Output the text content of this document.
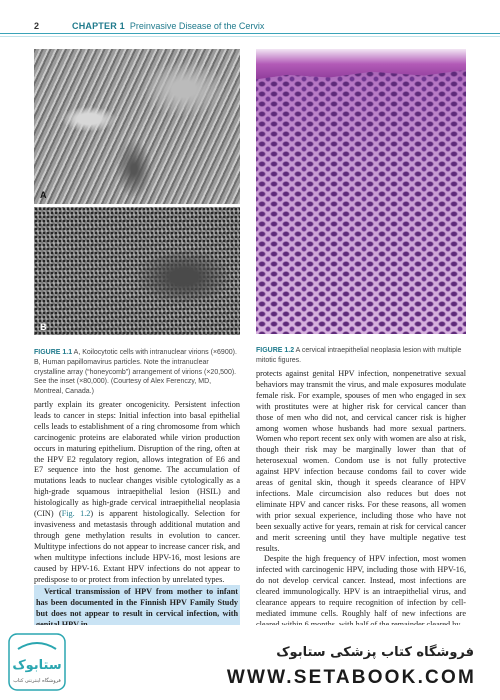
2	CHAPTER 1 Preinvasive Disease of the Cervix
A
B

FIGURE 1.1 A, Koilocytotic cells with intranuclear virions (×6900). B, Human papillomavirus particles. Note the intranuclear crystalline array (“honeycomb”) arrangement of virions (×20,500). See the inset (×80,000). (Courtesy of Alex Ferenczy, MD, Montreal, Canada.)

FIGURE 1.2 A cervical intraepithelial neoplasia lesion with multiple mitotic figures.

partly explain its greater oncogenicity. Persistent infection leads to cancer in steps: Initial infection into basal epithelial cells leads to establishment of a ring chromosome from which carcinogenic proteins are elaborated while virion production occurs in maturing epithelium. Disruption of the ring, often at the HPV E2 regulatory region, allows integration of E6 and E7 sequence into the host genome. The accumulation of mutations leads to nuclear changes visible cytologically as a high-grade squamous intraepithelial lesion (HSIL) and histologically as high-grade cervical intraepithelial neoplasia (CIN) (Fig. 1.2) is apparent histologically. Selection for invasiveness and metastasis through additional mutation and through gene methylation results in evolution to cancer. Multitype infections do not appear to increase cancer risk, and when multitype infections include HPV-16, most lesions are caused by HPV-16. Extant HPV infections do not appear to predispose to or protect from infection by unrelated types.

Vertical transmission of HPV from mother to infant has been documented in the Finnish HPV Family Study but does not appear to result in cervical infection, with

protects against genital HPV infection, nonpenetrative sexual behaviors may transmit the virus, and male exposures modulate female risk. For example, spouses of men who engaged in sex with prostitutes were at higher risk for cervical cancer than those of men who did not, and cervical cancer risk is higher among women whose husbands had more sexual partners. Women who report recent sex only with women are also at risk, though their risk may be marginally lower than that of heterosexual women. Condom use is not fully protective against HPV infection because condoms fail to cover wide areas of genital skin, though it speeds clearance of HPV infections. Male circumcision also reduces but does not eliminate HPV and cancer risks. For these reasons, all women with prior sexual experience, including those who have not been sexually active for years, remain at risk for cervical cancer and merit screening until they have multiple negative test results.

Despite the high frequency of HPV infection, most women infected with carcinogenic HPV, including those with HPV-16, do not develop cervical cancer. Instead, most infections are cleared immunologically. HPV is an intraepithelial virus, and clearance appears to require recognition of infection by cell-mediated immune cells. Roughly half of new infections are

ستابوک
فروشگاه اینترنتی کتاب
فروشگاه کتاب پزشکی ستابوک
WWW.SETABOOK.COM
